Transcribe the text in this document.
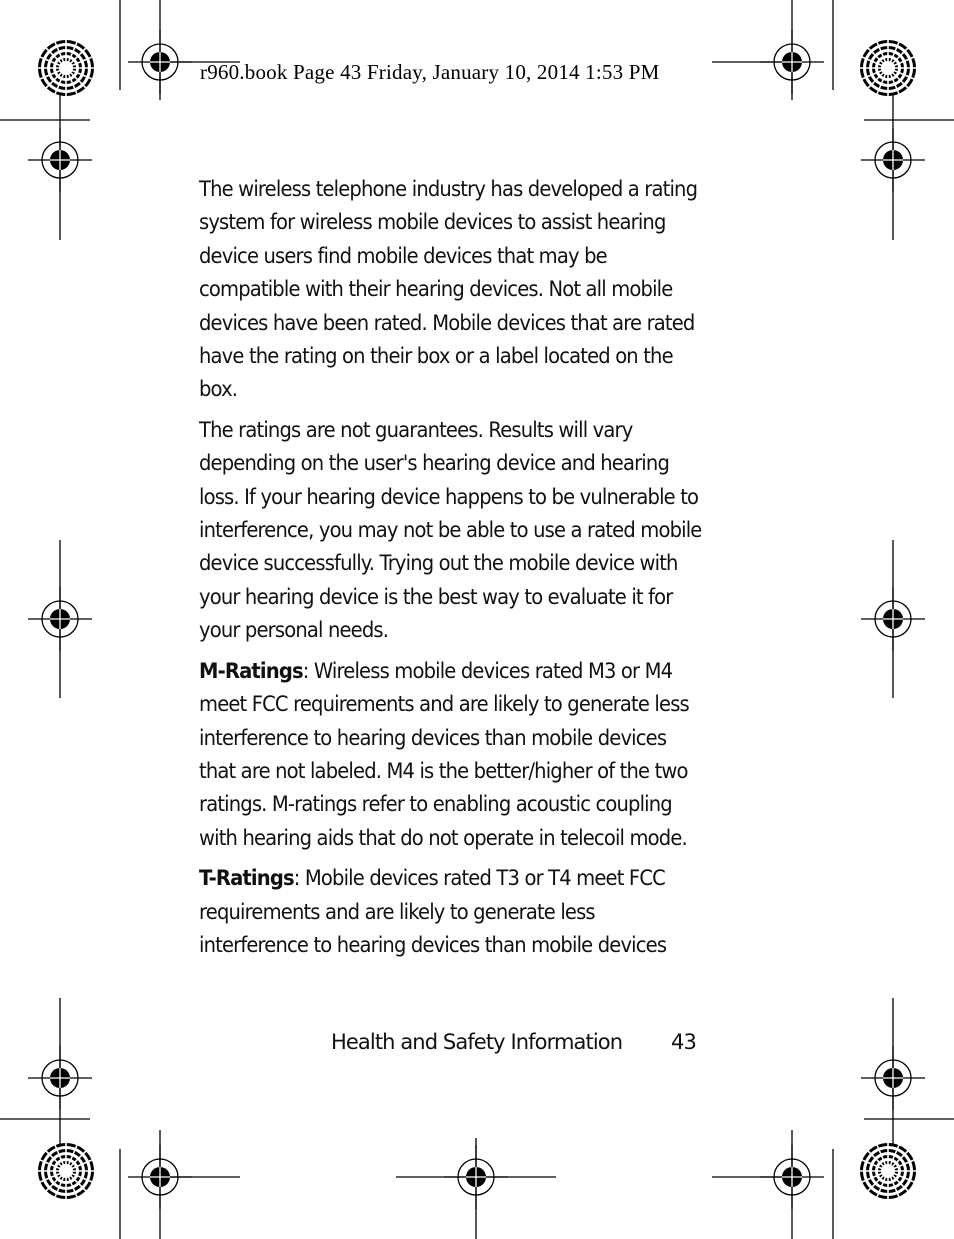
r960.book Page 43 Friday, January 10, 2014 1:53 PM

The wireless telephone industry has developed a rating system for wireless mobile devices to assist hearing device users find mobile devices that may be compatible with their hearing devices. Not all mobile devices have been rated. Mobile devices that are rated have the rating on their box or a label located on the box.

The ratings are not guarantees. Results will vary depending on the user's hearing device and hearing loss. If your hearing device happens to be vulnerable to interference, you may not be able to use a rated mobile device successfully. Trying out the mobile device with your hearing device is the best way to evaluate it for your personal needs.

M-Ratings: Wireless mobile devices rated M3 or M4 meet FCC requirements and are likely to generate less interference to hearing devices than mobile devices that are not labeled. M4 is the better/higher of the two ratings. M-ratings refer to enabling acoustic coupling with hearing aids that do not operate in telecoil mode.

T-Ratings: Mobile devices rated T3 or T4 meet FCC requirements and are likely to generate less interference to hearing devices than mobile devices

Health and Safety Information 43
